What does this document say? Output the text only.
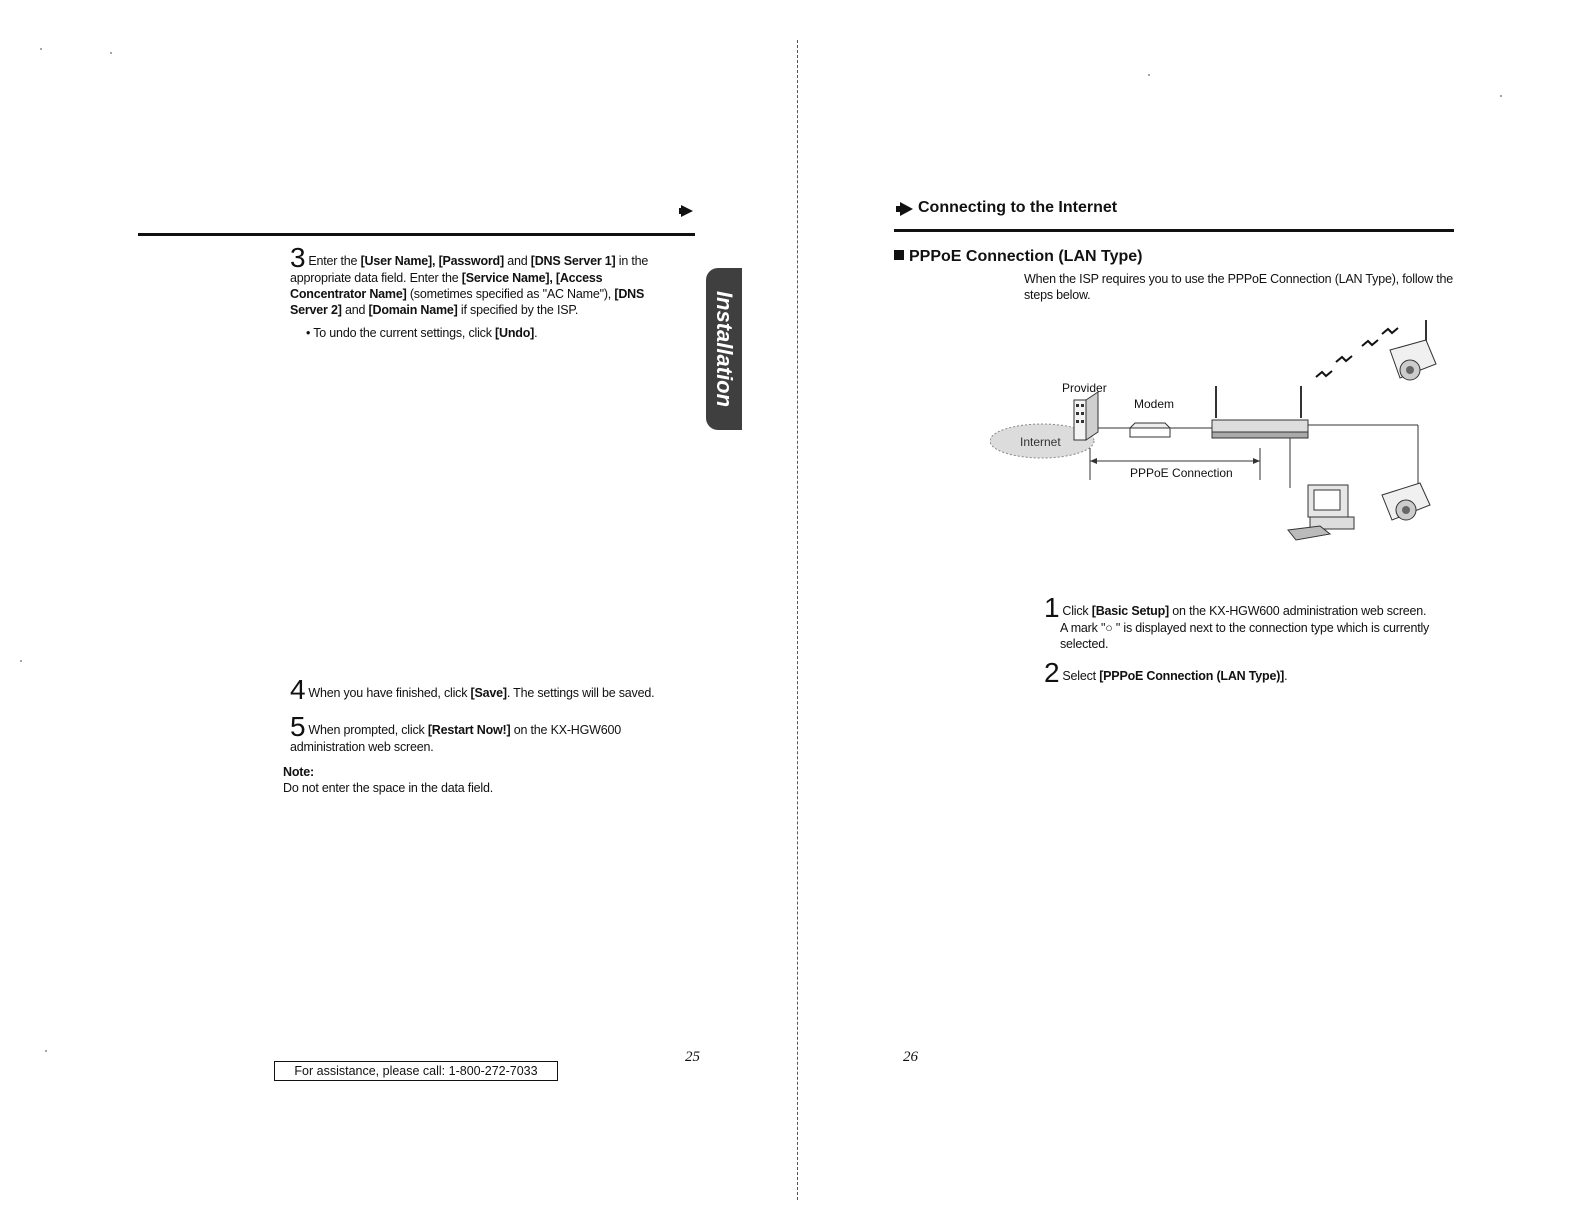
3 Enter the [User Name], [Password] and [DNS Server 1] in the appropriate data field. Enter the [Service Name], [Access Concentrator Name] (sometimes specified as "AC Name"), [DNS Server 2] and [Domain Name] if specified by the ISP.
• To undo the current settings, click [Undo].	Installation
4 When you have finished, click [Save]. The settings will be saved.
5 When prompted, click [Restart Now!] on the KX-HGW600 administration web screen.
Note:
Do not enter the space in the data field.
For assistance, please call: 1-800-272-7033
25
Connecting to the Internet
PPPoE Connection (LAN Type)
When the ISP requires you to use the PPPoE Connection (LAN Type), follow the steps below.
Internet
Provider
Modem
PPPoE Connection
1 Click [Basic Setup] on the KX-HGW600 administration web screen.
A mark "○ " is displayed next to the connection type which is currently selected.
2 Select [PPPoE Connection (LAN Type)].
26
